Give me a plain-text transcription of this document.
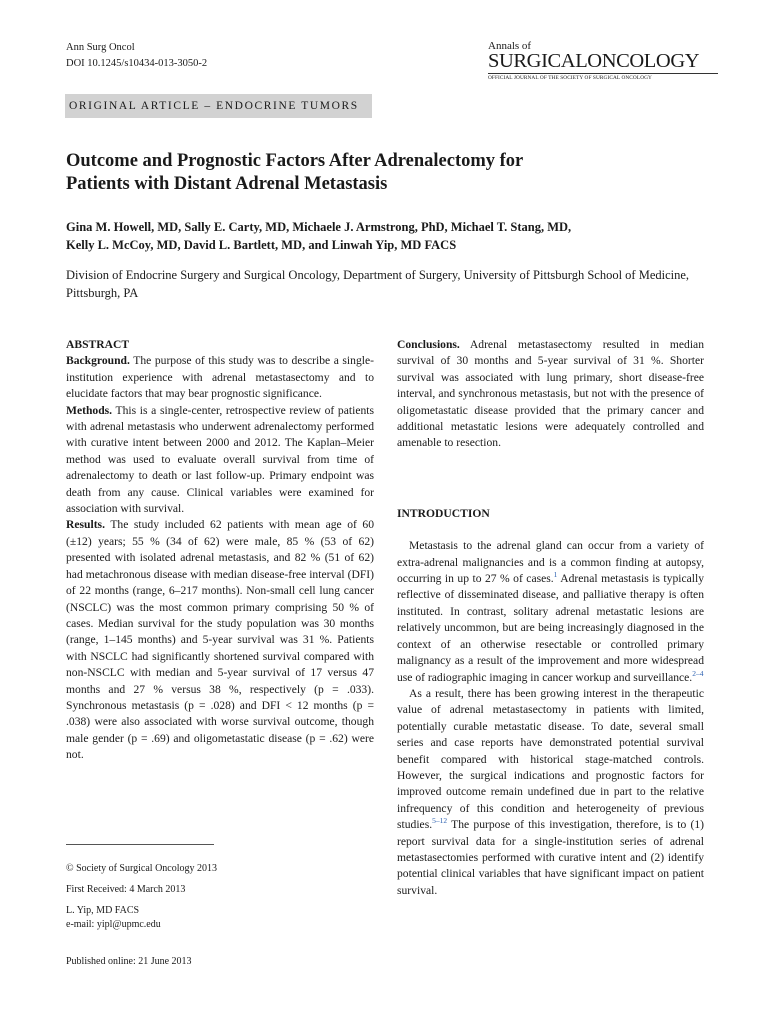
Ann Surg Oncol
DOI 10.1245/s10434-013-3050-2
Annals of
SURGICALONCOLOGY
OFFICIAL JOURNAL OF THE SOCIETY OF SURGICAL ONCOLOGY
ORIGINAL ARTICLE – ENDOCRINE TUMORS
Outcome and Prognostic Factors After Adrenalectomy for
Patients with Distant Adrenal Metastasis
Gina M. Howell, MD, Sally E. Carty, MD, Michaele J. Armstrong, PhD, Michael T. Stang, MD,
Kelly L. McCoy, MD, David L. Bartlett, MD, and Linwah Yip, MD FACS
Division of Endocrine Surgery and Surgical Oncology, Department of Surgery, University of Pittsburgh School of Medicine, Pittsburgh, PA

ABSTRACT

Background. The purpose of this study was to describe a single-institution experience with adrenal metastasectomy and to elucidate factors that may bear prognostic significance.

Methods. This is a single-center, retrospective review of patients with adrenal metastasis who underwent adrenalectomy performed with curative intent between 2000 and 2012. The Kaplan–Meier method was used to evaluate overall survival from time of adrenalectomy to death or last follow-up. Primary endpoint was death from any cause. Clinical variables were examined for association with survival.

Results. The study included 62 patients with mean age of 60 (±12) years; 55 % (34 of 62) were male, 85 % (53 of 62) presented with isolated adrenal metastasis, and 82 % (51 of 62) had metachronous disease with median disease-free interval (DFI) of 22 months (range, 6–217 months). Non-small cell lung cancer (NSCLC) was the most common primary comprising 50 % of cases. Median survival for the study population was 30 months (range, 1–145 months) and 5-year survival was 31 %. Patients with NSCLC had significantly shortened survival compared with non-NSCLC with median and 5-year survival of 17 versus 47 months and 27 % versus 38 %, respectively (p = .033). Synchronous metastasis (p = .028) and DFI < 12 months (p = .038) were also associated with worse survival outcome, though male gender (p = .69) and oligometastatic disease (p = .62) were not.

Conclusions. Adrenal metastasectomy resulted in median survival of 30 months and 5-year survival of 31 %. Shorter survival was associated with lung primary, short disease-free interval, and synchronous metastasis, but not with the presence of oligometastatic disease provided that the primary cancer and additional metastatic lesions were adequately controlled and amenable to resection.

INTRODUCTION

Metastasis to the adrenal gland can occur from a variety of extra-adrenal malignancies and is a common finding at autopsy, occurring in up to 27 % of cases.$^1$ Adrenal metastasis is typically reflective of disseminated disease, and palliative therapy is often instituted. In contrast, solitary adrenal metastatic lesions are relatively uncommon, but are being increasingly diagnosed in the context of an otherwise resectable or controlled primary malignancy as a result of the improvement and more widespread use of radiographic imaging in cancer workup and surveillance.$^{2-4}$

As a result, there has been growing interest in the therapeutic value of adrenal metastasectomy in patients with limited, potentially curable metastatic disease. To date, several small series and case reports have demonstrated potential survival benefit compared with historical stage-matched controls. However, the surgical indications and prognostic factors for improved outcome remain undefined due in part to the relative infrequency of this condition and heterogeneity of previous studies.$^{5-12}$ The purpose of this investigation, therefore, is to (1) report survival data for a single-institution series of adrenal metastasectomies performed with curative intent and (2) identify potential clinical variables that have significant impact on patient survival.

© Society of Surgical Oncology 2013
First Received: 4 March 2013
L. Yip, MD FACS
e-mail: yipl@upmc.edu
Published online: 21 June 2013
